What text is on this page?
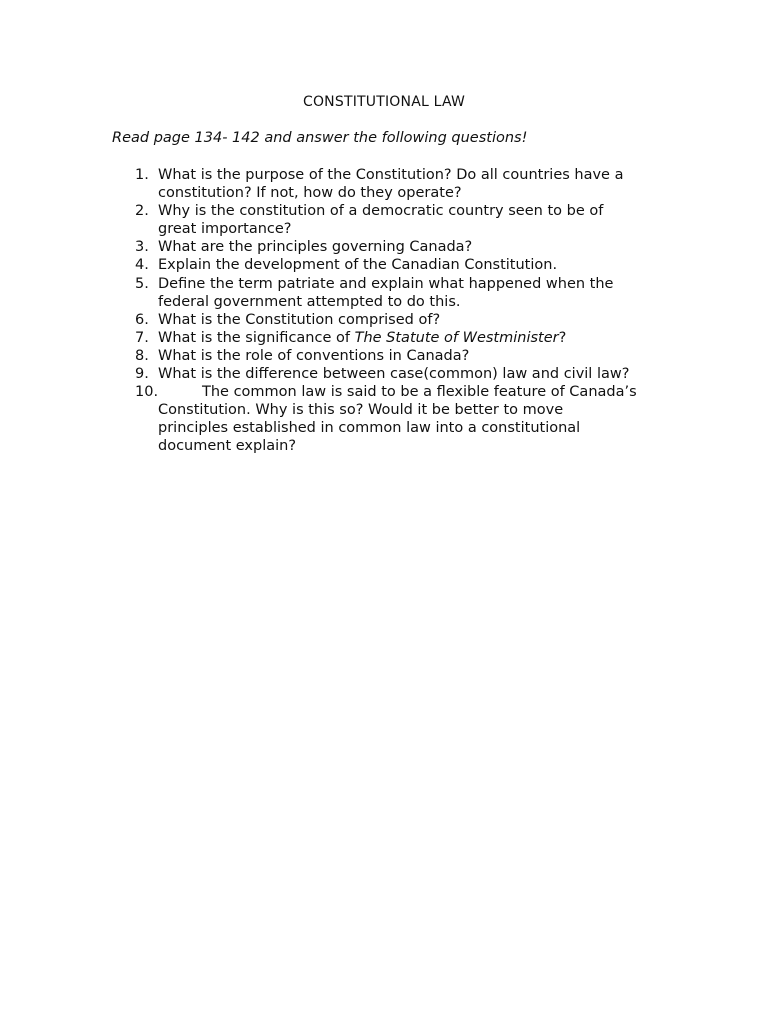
CONSTITUTIONAL LAW
Read page 134- 142 and answer the following questions!
1. What is the purpose of the Constitution? Do all countries have a
constitution? If not, how do they operate?
2. Why is the constitution of a democratic country seen to be of
great importance?
3. What are the principles governing Canada?
4. Explain the development of the Canadian Constitution.
5. Define the term patriate and explain what happened when the
federal government attempted to do this.
6. What is the Constitution comprised of?
7. What is the significance of The Statute of Westminister?
8. What is the role of conventions in Canada?
9. What is the difference between case(common) law and civil law?
10.	The common law is said to be a flexible feature of Canada’s
Constitution. Why is this so? Would it be better to move
principles established in common law into a constitutional
document explain?
